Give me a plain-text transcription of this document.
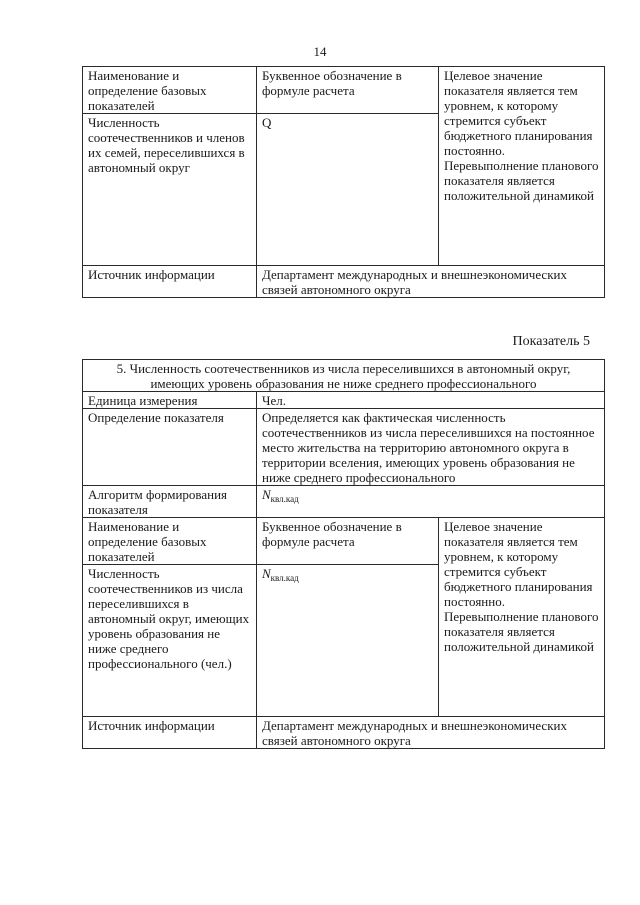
14
Наименование и определение базовых показателей	Буквенное обозначение в формуле расчета	Целевое значение показателя является тем уровнем, к которому стремится субъект бюджетного планирования постоянно. Перевыполнение планового показателя является положительной динамикой
Численность соотечественников и членов их семей, переселившихся в автономный округ	Q	
Источник информации	Департамент международных и внешнеэкономических связей автономного округа	
Показатель 5
5. Численность соотечественников из числа переселившихся в автономный округ, имеющих уровень образования не ниже среднего профессионального		
Единица измерения	Чел.	
Определение показателя	Определяется как фактическая численность соотечественников из числа переселившихся на постоянное место жительства на территорию автономного округа в территории вселения, имеющих уровень образования не ниже среднего профессионального	
Алгоритм формирования показателя	$N_{квл.кад}$
Наименование и определение базовых показателей	Буквенное обозначение в формуле расчета	Целевое значение показателя является тем уровнем, к которому стремится субъект бюджетного планирования постоянно. Перевыполнение планового показателя является положительной динамикой
Численность соотечественников из числа переселившихся в автономный округ, имеющих уровень образования не ниже среднего профессионального (чел.)	$N_{квл.кад}$
Источник информации	Департамент международных и внешнеэкономических связей автономного округа	
